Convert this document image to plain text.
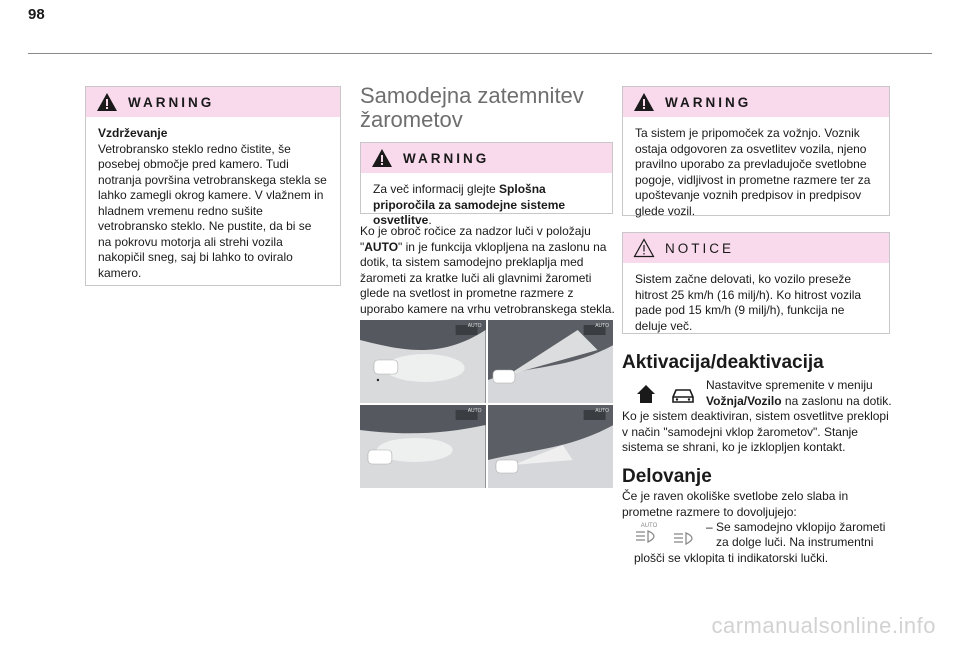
98
WARNING
Vzdrževanje
Vetrobransko steklo redno čistite, še posebej območje pred kamero. Tudi notranja površina vetrobranskega stekla se lahko zamegli okrog kamere. V vlažnem in hladnem vremenu redno sušite vetrobransko steklo. Ne pustite, da bi se na pokrovu motorja ali strehi vozila nakopičil sneg, saj bi lahko to oviralo kamero.
Samodejna zatemnitev
žarometov
WARNING
Za več informacij glejte Splošna priporočila za samodejne sisteme osvetlitve.
Ko je obroč ročice za nadzor luči v položaju "AUTO" in je funkcija vklopljena na zaslonu na dotik, ta sistem samodejno preklaplja med žarometi za kratke luči ali glavnimi žarometi glede na svetlost in prometne razmere z uporabo kamere na vrhu vetrobranskega stekla.
AUTO	AUTO
AUTO	AUTO
WARNING
Ta sistem je pripomoček za vožnjo. Voznik ostaja odgovoren za osvetlitev vozila, njeno pravilno uporabo za prevladujoče svetlobne pogoje, vidljivost in prometne razmere ter za upoštevanje voznih predpisov in predpisov glede vozil.
NOTICE
Sistem začne delovati, ko vozilo preseže hitrost 25 km/h (16 milj/h). Ko hitrost vozila pade pod 15 km/h (9 milj/h), funkcija ne deluje več.
Aktivacija/deaktivacija
Nastavitve spremenite v meniju
Vožnja/Vozilo na zaslonu na dotik.
Ko je sistem deaktiviran, sistem osvetlitve preklopi v način "samodejni vklop žarometov". Stanje sistema se shrani, ko je izklopljen kontakt.
Delovanje
Če je raven okoliške svetlobe zelo slaba in prometne razmere to dovoljujejo:
AUTO	– Se samodejno vklopijo žarometi
za dolge luči. Na instrumentni
plošči se vklopita ti indikatorski lučki.
carmanualsonline.info
